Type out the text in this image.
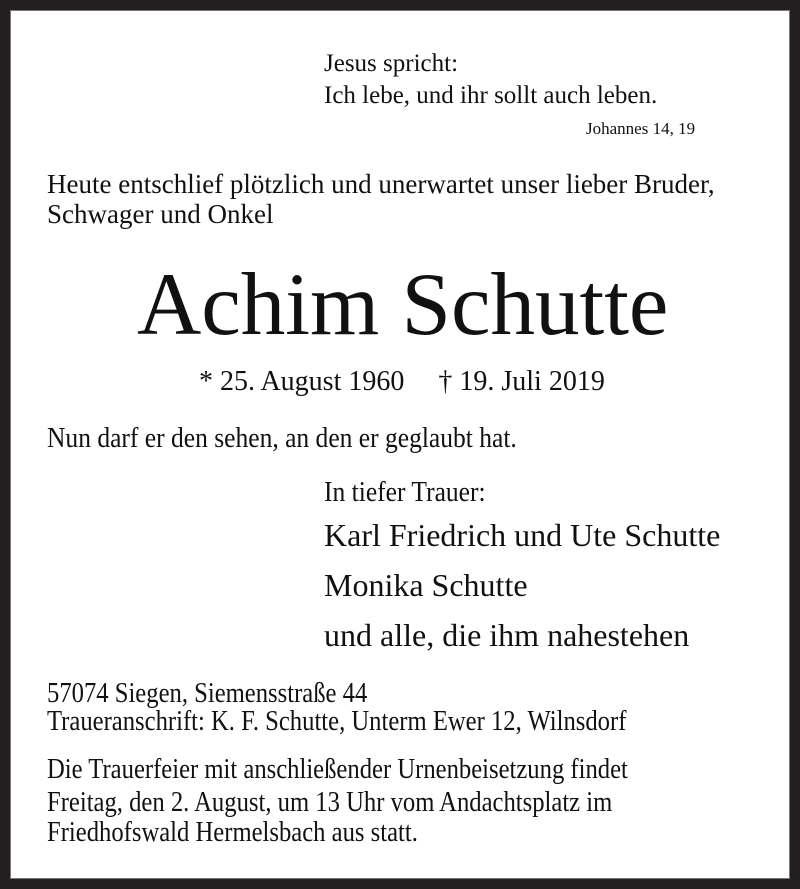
Jesus spricht:

Ich lebe, und ihr sollt auch leben.

Johannes 14, 19

Heute entschlief plötzlich und unerwartet unser lieber Bruder,

Schwager und Onkel

Achim Schutte

* 25. August 1960 † 19. Juli 2019

Nun darf er den sehen, an den er geglaubt hat.

In tiefer Trauer:

Karl Friedrich und Ute Schutte

Monika Schutte

und alle, die ihm nahestehen

57074 Siegen, Siemensstraße 44

Traueranschrift: K. F. Schutte, Unterm Ewer 12, Wilnsdorf

Die Trauerfeier mit anschließender Urnenbeisetzung findet

Freitag, den 2. August, um 13 Uhr vom Andachtsplatz im

Friedhofswald Hermelsbach aus statt.
